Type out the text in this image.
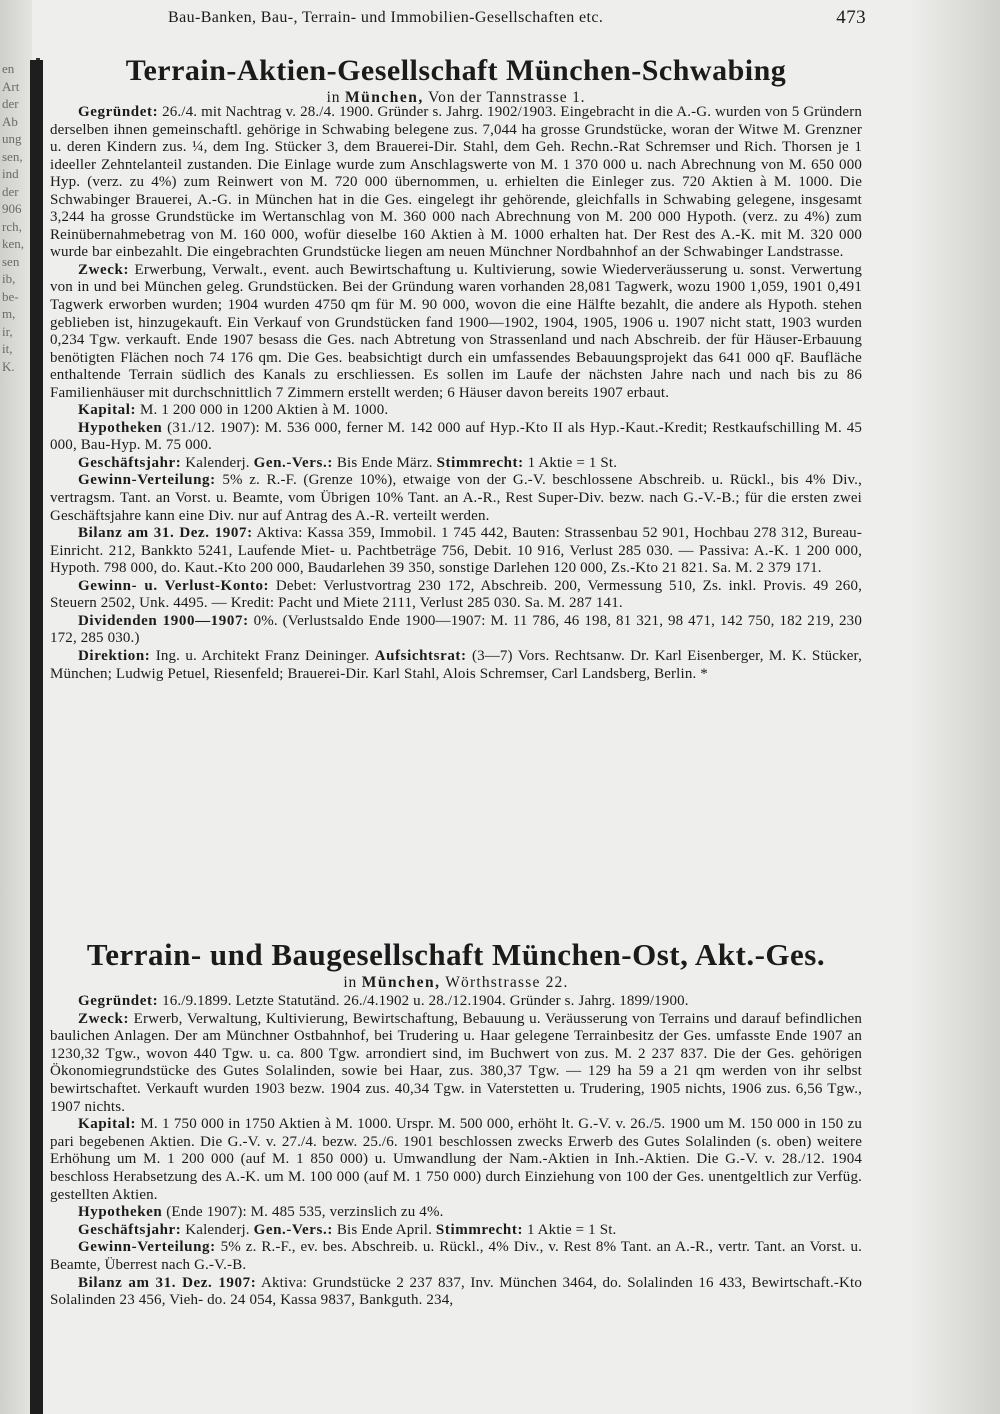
en
Art
der
Ab
ung
sen,
ind
der
906
rch,
ken,
sen
ib,
be-
m,
ir,
it,
K.
Bau-Banken, Bau-, Terrain- und Immobilien-Gesellschaften etc.	473
Terrain-Aktien-Gesellschaft München-Schwabing
in München, Von der Tannstrasse 1.

Gegründet: 26./4. mit Nachtrag v. 28./4. 1900. Gründer s. Jahrg. 1902/1903. Eingebracht in die A.-G. wurden von 5 Gründern derselben ihnen gemeinschaftl. gehörige in Schwabing belegene zus. 7,044 ha grosse Grundstücke, woran der Witwe M. Grenzner u. deren Kindern zus. ¼, dem Ing. Stücker 3, dem Brauerei-Dir. Stahl, dem Geh. Rechn.-Rat Schremser und Rich. Thorsen je 1 ideeller Zehntelanteil zustanden. Die Einlage wurde zum Anschlagswerte von M. 1 370 000 u. nach Abrechnung von M. 650 000 Hyp. (verz. zu 4%) zum Reinwert von M. 720 000 übernommen, u. erhielten die Einleger zus. 720 Aktien à M. 1000. Die Schwabinger Brauerei, A.-G. in München hat in die Ges. eingelegt ihr gehörende, gleichfalls in Schwabing gelegene, insgesamt 3,244 ha grosse Grundstücke im Wertanschlag von M. 360 000 nach Abrechnung von M. 200 000 Hypoth. (verz. zu 4%) zum Reinübernahmebetrag von M. 160 000, wofür dieselbe 160 Aktien à M. 1000 erhalten hat. Der Rest des A.-K. mit M. 320 000 wurde bar einbezahlt. Die eingebrachten Grundstücke liegen am neuen Münchner Nordbahnhof an der Schwabinger Landstrasse.

Zweck: Erwerbung, Verwalt., event. auch Bewirtschaftung u. Kultivierung, sowie Wiederveräusserung u. sonst. Verwertung von in und bei München geleg. Grundstücken. Bei der Gründung waren vorhanden 28,081 Tagwerk, wozu 1900 1,059, 1901 0,491 Tagwerk erworben wurden; 1904 wurden 4750 qm für M. 90 000, wovon die eine Hälfte bezahlt, die andere als Hypoth. stehen geblieben ist, hinzugekauft. Ein Verkauf von Grundstücken fand 1900—1902, 1904, 1905, 1906 u. 1907 nicht statt, 1903 wurden 0,234 Tgw. verkauft. Ende 1907 besass die Ges. nach Abtretung von Strassenland und nach Abschreib. der für Häuser-Erbauung benötigten Flächen noch 74 176 qm. Die Ges. beabsichtigt durch ein umfassendes Bebauungsprojekt das 641 000 qF. Baufläche enthaltende Terrain südlich des Kanals zu erschliessen. Es sollen im Laufe der nächsten Jahre nach und nach bis zu 86 Familienhäuser mit durchschnittlich 7 Zimmern erstellt werden; 6 Häuser davon bereits 1907 erbaut.

Kapital: M. 1 200 000 in 1200 Aktien à M. 1000.

Hypotheken (31./12. 1907): M. 536 000, ferner M. 142 000 auf Hyp.-Kto II als Hyp.-Kaut.-Kredit; Restkaufschilling M. 45 000, Bau-Hyp. M. 75 000.

Geschäftsjahr: Kalenderj. Gen.-Vers.: Bis Ende März. Stimmrecht: 1 Aktie = 1 St.

Gewinn-Verteilung: 5% z. R.-F. (Grenze 10%), etwaige von der G.-V. beschlossene Abschreib. u. Rückl., bis 4% Div., vertragsm. Tant. an Vorst. u. Beamte, vom Übrigen 10% Tant. an A.-R., Rest Super-Div. bezw. nach G.-V.-B.; für die ersten zwei Geschäftsjahre kann eine Div. nur auf Antrag des A.-R. verteilt werden.

Bilanz am 31. Dez. 1907: Aktiva: Kassa 359, Immobil. 1 745 442, Bauten: Strassenbau 52 901, Hochbau 278 312, Bureau-Einricht. 212, Bankkto 5241, Laufende Miet- u. Pachtbeträge 756, Debit. 10 916, Verlust 285 030. — Passiva: A.-K. 1 200 000, Hypoth. 798 000, do. Kaut.-Kto 200 000, Baudarlehen 39 350, sonstige Darlehen 120 000, Zs.-Kto 21 821. Sa. M. 2 379 171.

Gewinn- u. Verlust-Konto: Debet: Verlustvortrag 230 172, Abschreib. 200, Vermessung 510, Zs. inkl. Provis. 49 260, Steuern 2502, Unk. 4495. — Kredit: Pacht und Miete 2111, Verlust 285 030. Sa. M. 287 141.

Dividenden 1900—1907: 0%. (Verlustsaldo Ende 1900—1907: M. 11 786, 46 198, 81 321, 98 471, 142 750, 182 219, 230 172, 285 030.)

Direktion: Ing. u. Architekt Franz Deininger. Aufsichtsrat: (3—7) Vors. Rechtsanw. Dr. Karl Eisenberger, M. K. Stücker, München; Ludwig Petuel, Riesenfeld; Brauerei-Dir. Karl Stahl, Alois Schremser, Carl Landsberg, Berlin. *

Terrain- und Baugesellschaft München-Ost, Akt.-Ges.
in München, Wörthstrasse 22.

Gegründet: 16./9.1899. Letzte Statutänd. 26./4.1902 u. 28./12.1904. Gründer s. Jahrg. 1899/1900.

Zweck: Erwerb, Verwaltung, Kultivierung, Bewirtschaftung, Bebauung u. Veräusserung von Terrains und darauf befindlichen baulichen Anlagen. Der am Münchner Ostbahnhof, bei Trudering u. Haar gelegene Terrainbesitz der Ges. umfasste Ende 1907 an 1230,32 Tgw., wovon 440 Tgw. u. ca. 800 Tgw. arrondiert sind, im Buchwert von zus. M. 2 237 837. Die der Ges. gehörigen Ökonomiegrundstücke des Gutes Solalinden, sowie bei Haar, zus. 380,37 Tgw. — 129 ha 59 a 21 qm werden von ihr selbst bewirtschaftet. Verkauft wurden 1903 bezw. 1904 zus. 40,34 Tgw. in Vaterstetten u. Trudering, 1905 nichts, 1906 zus. 6,56 Tgw., 1907 nichts.

Kapital: M. 1 750 000 in 1750 Aktien à M. 1000. Urspr. M. 500 000, erhöht lt. G.-V. v. 26./5. 1900 um M. 150 000 in 150 zu pari begebenen Aktien. Die G.-V. v. 27./4. bezw. 25./6. 1901 beschlossen zwecks Erwerb des Gutes Solalinden (s. oben) weitere Erhöhung um M. 1 200 000 (auf M. 1 850 000) u. Umwandlung der Nam.-Aktien in Inh.-Aktien. Die G.-V. v. 28./12. 1904 beschloss Herabsetzung des A.-K. um M. 100 000 (auf M. 1 750 000) durch Einziehung von 100 der Ges. unentgeltlich zur Verfüg. gestellten Aktien.

Hypotheken (Ende 1907): M. 485 535, verzinslich zu 4%.

Geschäftsjahr: Kalenderj. Gen.-Vers.: Bis Ende April. Stimmrecht: 1 Aktie = 1 St.

Gewinn-Verteilung: 5% z. R.-F., ev. bes. Abschreib. u. Rückl., 4% Div., v. Rest 8% Tant. an A.-R., vertr. Tant. an Vorst. u. Beamte, Überrest nach G.-V.-B.

Bilanz am 31. Dez. 1907: Aktiva: Grundstücke 2 237 837, Inv. München 3464, do. Solalinden 16 433, Bewirtschaft.-Kto Solalinden 23 456, Vieh- do. 24 054, Kassa 9837, Bankguth. 234,
